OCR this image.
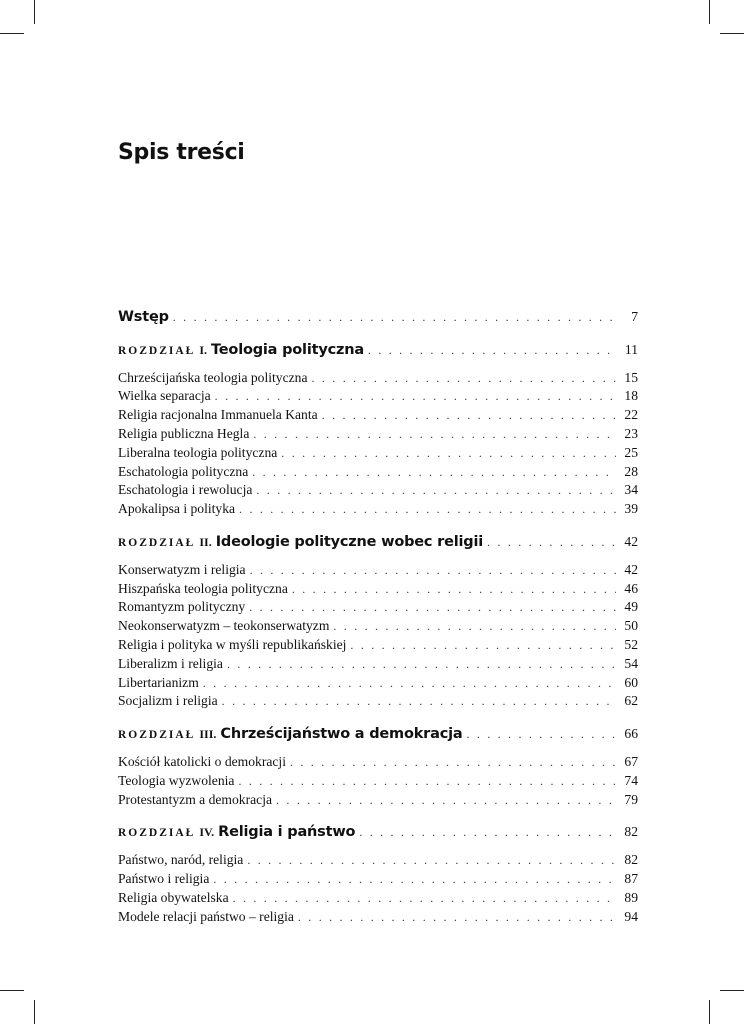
Spis treści
Wstęp . . .	7
ROZDZIAŁ I. Teologia polityczna . . .	11
Chrześcijańska teologia polityczna . . .	15
Wielka separacja . . .	18
Religia racjonalna Immanuela Kanta . . .	22
Religia publiczna Hegla . . .	23
Liberalna teologia polityczna . . .	25
Eschatologia polityczna . . .	28
Eschatologia i rewolucja . . .	34
Apokalipsa i polityka . . .	39
ROZDZIAŁ II. Ideologie polityczne wobec religii . . .	42
Konserwatyzm i religia . . .	42
Hiszpańska teologia polityczna . . .	46
Romantyzm polityczny . . .	49
Neokonserwatyzm – teokonserwatyzm . . .	50
Religia i polityka w myśli republikańskiej . . .	52
Liberalizm i religia . . .	54
Libertarianizm . . .	60
Socjalizm i religia . . .	62
ROZDZIAŁ III. Chrześcijaństwo a demokracja . . .	66
Kościół katolicki o demokracji . . .	67
Teologia wyzwolenia . . .	74
Protestantyzm a demokracja . . .	79
ROZDZIAŁ IV. Religia i państwo . . .	82
Państwo, naród, religia . . .	82
Państwo i religia . . .	87
Religia obywatelska . . .	89
Modele relacji państwo – religia . . .	94
